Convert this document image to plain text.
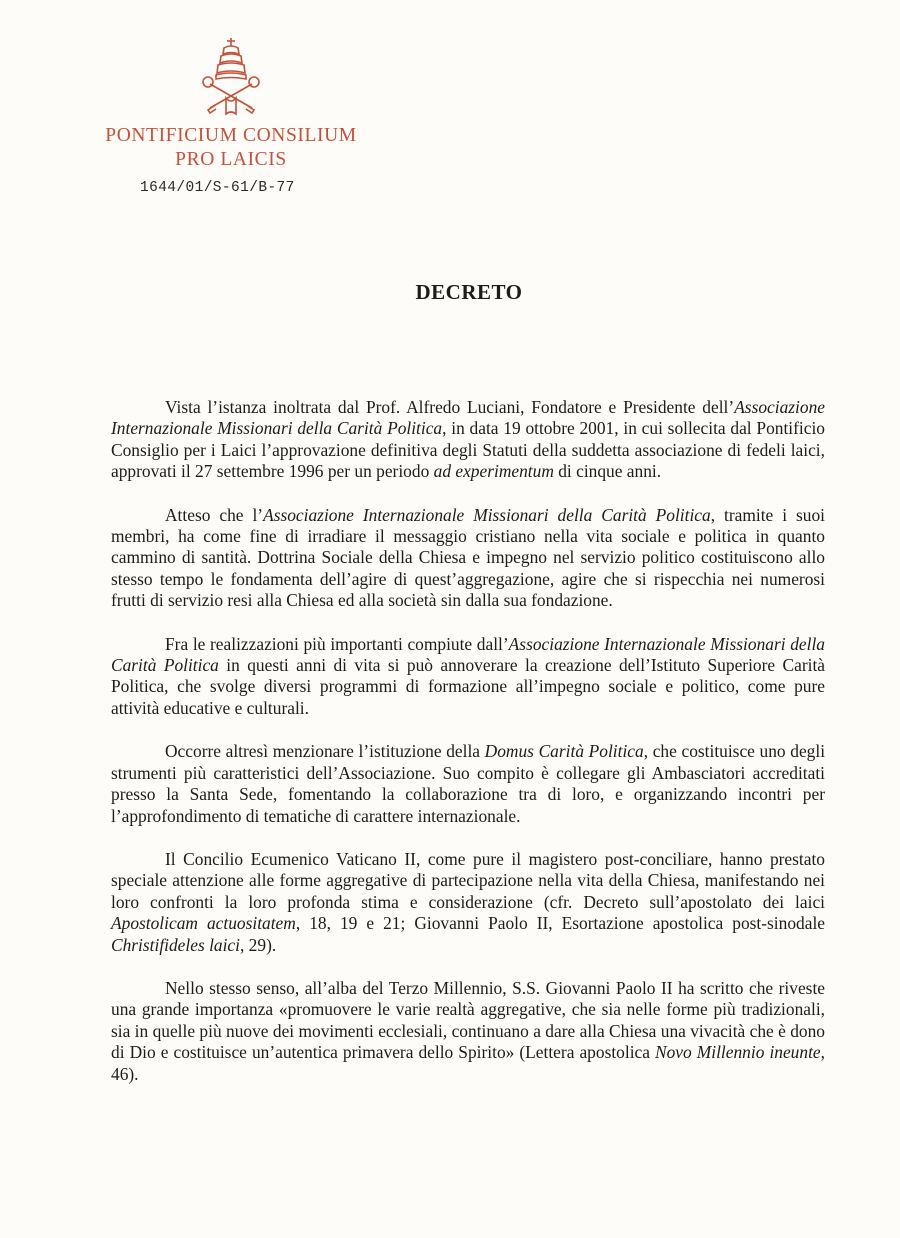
PONTIFICIUM CONSILIUM
PRO LAICIS
1644/01/S-61/B-77
DECRETO

Vista l’istanza inoltrata dal Prof. Alfredo Luciani, Fondatore e Presidente dell’Associazione Internazionale Missionari della Carità Politica, in data 19 ottobre 2001, in cui sollecita dal Pontificio Consiglio per i Laici l’approvazione definitiva degli Statuti della suddetta associazione di fedeli laici, approvati il 27 settembre 1996 per un periodo ad experimentum di cinque anni.

Atteso che l’Associazione Internazionale Missionari della Carità Politica, tramite i suoi membri, ha come fine di irradiare il messaggio cristiano nella vita sociale e politica in quanto cammino di santità. Dottrina Sociale della Chiesa e impegno nel servizio politico costituiscono allo stesso tempo le fondamenta dell’agire di quest’aggregazione, agire che si rispecchia nei numerosi frutti di servizio resi alla Chiesa ed alla società sin dalla sua fondazione.

Fra le realizzazioni più importanti compiute dall’Associazione Internazionale Missionari della Carità Politica in questi anni di vita si può annoverare la creazione dell’Istituto Superiore Carità Politica, che svolge diversi programmi di formazione all’impegno sociale e politico, come pure attività educative e culturali.

Occorre altresì menzionare l’istituzione della Domus Carità Politica, che costituisce uno degli strumenti più caratteristici dell’Associazione. Suo compito è collegare gli Ambasciatori accreditati presso la Santa Sede, fomentando la collaborazione tra di loro, e organizzando incontri per l’approfondimento di tematiche di carattere internazionale.

Il Concilio Ecumenico Vaticano II, come pure il magistero post-conciliare, hanno prestato speciale attenzione alle forme aggregative di partecipazione nella vita della Chiesa, manifestando nei loro confronti la loro profonda stima e considerazione (cfr. Decreto sull’apostolato dei laici Apostolicam actuositatem, 18, 19 e 21; Giovanni Paolo II, Esortazione apostolica post-sinodale Christifideles laici, 29).

Nello stesso senso, all’alba del Terzo Millennio, S.S. Giovanni Paolo II ha scritto che riveste una grande importanza «promuovere le varie realtà aggregative, che sia nelle forme più tradizionali, sia in quelle più nuove dei movimenti ecclesiali, continuano a dare alla Chiesa una vivacità che è dono di Dio e costituisce un’autentica primavera dello Spirito» (Lettera apostolica Novo Millennio ineunte, 46).
